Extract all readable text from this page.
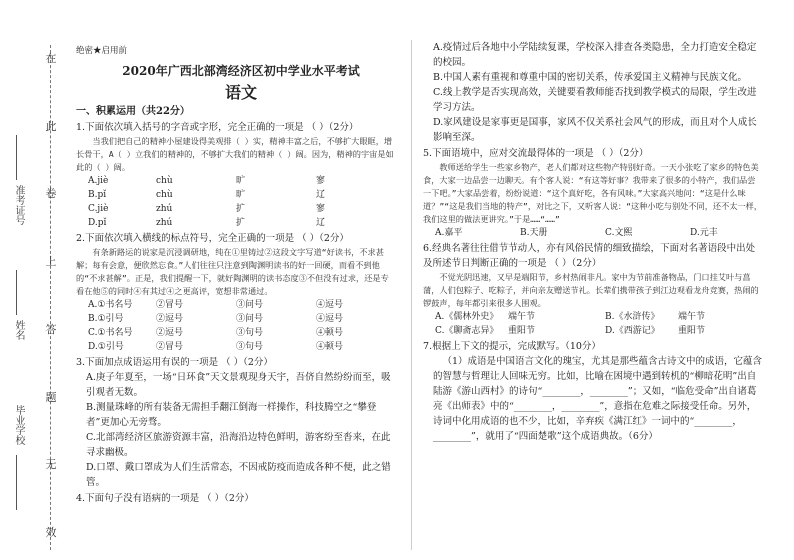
在
此
卷
上
答
题
无
效
准考证号
姓名
毕业学校
绝密★启用前
2020年广西北部湾经济区初中学业水平考试
语文

一、积累运用（共22分）

1.下面依次填入括号的字音或字形，完全正确的一项是 （ ）（2分）

当我们把自己的精神小屋建设得美观排（ ）实，精神丰富之后，不够扩大眼眶，增长骨干，A（ ）立我们的精神的，不够扩大我们的精神（ ）阔。因为，精神的宇宙是如此的（ ）阔。

A.jiè	chù	旷	寥
B.pǐ	chù	旷	辽
C.jiè	zhú	扩	寥
D.pǐ	zhú	扩	辽

2.下面依次填入横线的标点符号，完全正确的一项是 （ ）（2分）

有条新路运的说家是沉浸调研地，纯在①里铸过②这段文字写道“好读书，不求甚解；每有会意，便欣然忘食。”人们往往只注意到陶渊明读书的好一回硬，而看不到他的“不求甚解”。正是，我们提醒一下，就好陶渊明的读书态度③不但没有过求，还是专看在他⑤的同时④有其过④之更高评，宽想非常通过。

A.①书名号	②冒号	③问号	④逗号
B.①引号	②逗号	③问号	④逗号
C.①书名号	②逗号	③句号	④顿号
D.①引号	②冒号	③句号	④顿号

3.下面加点成语运用有误的一项是 （ ）（2分）

A.庚子年夏至，一场“日环食”天文景观现身天宇，吾侪自然纷纷而至，吸引观者无数。

B.测量珠峰的所有装备无需担手翻江倒海一样操作，科技腾空之“攀登者”更加心无旁骛。

C.北部湾经济区旅游资源丰富，沿海沿边特色鲜明，游客纷至沓来，在此寻求幽极。

D.口罩、戴口罩成为人们生活常态，不因戒防疫而造成各种不便，此之错管。

4.下面句子没有语病的一项是 （ ）（2分）

A.疫情过后各地中小学陆续复课，学校深入排查各类隐患，全力打造安全稳定的校园。

B.中国人素有重视和尊重中国的密切关系，传承爱国主义精神与民族文化。

C.线上教学是否实现高效，关键要看教师能否找到教学模式的局限，学生改进学习方法。

D.家风建设是家事更是国事，家风不仅关系社会风气的形成，而且对个人成长影响至深。

5.下面语境中，应对交流最得体的一项是 （ ）（2分）

教师送给学生一些家乡物产，老人们都对这些物产特别好奇。一天小张吃了家乡的特色美食，大家一边品尝一边聊天。有个客人说：“有这等好事？我带来了很多的小特产，我们品尝一下吧。”大家品尝着，纷纷说道：“这个真好吃，各有风味。”大家高兴地问：“这是什么味道？”“这是我们当地的特产”，对比之下，又听客人说：“这种小吃与别处不同，还不太一样，我们这里的做法更讲究。”于是……“……”

A.嘉平	B.天册	C.文熙	D.元丰

6.经典名著往往借节节动人，亦有风俗民情的细致描绘，下面对名著语段中出处及所述节日判断正确的一项是 （ ）（2分）

不觉光阴迅速，又早是端阳节，乡村热闹非凡。家中为节前准备物品，门口挂艾叶与菖蒲，人们包粽子、吃粽子，并向亲友赠送节礼。长辈们携带孩子到江边观看龙舟竞赛，热闹的锣鼓声，每年都引来很多人围观。

A.《儒林外史》	端午节	B.《水浒传》	端午节
C.《聊斋志异》	重阳节	D.《西游记》	重阳节

7.根据上下文的提示，完成默写。（10分）

（1）成语是中国语言文化的瑰宝，尤其是那些蕴含古诗文中的成语，它蕴含的智慧与哲理让人回味无穷。比如，比喻在困境中遇到转机的“柳暗花明”出自陆游《游山西村》的诗句“________，________”；又如，“临危受命”出自诸葛亮《出师表》中的“________，________”，意指在危难之际接受任命。另外，诗词中化用成语的也不少，比如，辛弃疾《满江红》一词中的“________，________”，就用了“四面楚歌”这个成语典故。（6分）
